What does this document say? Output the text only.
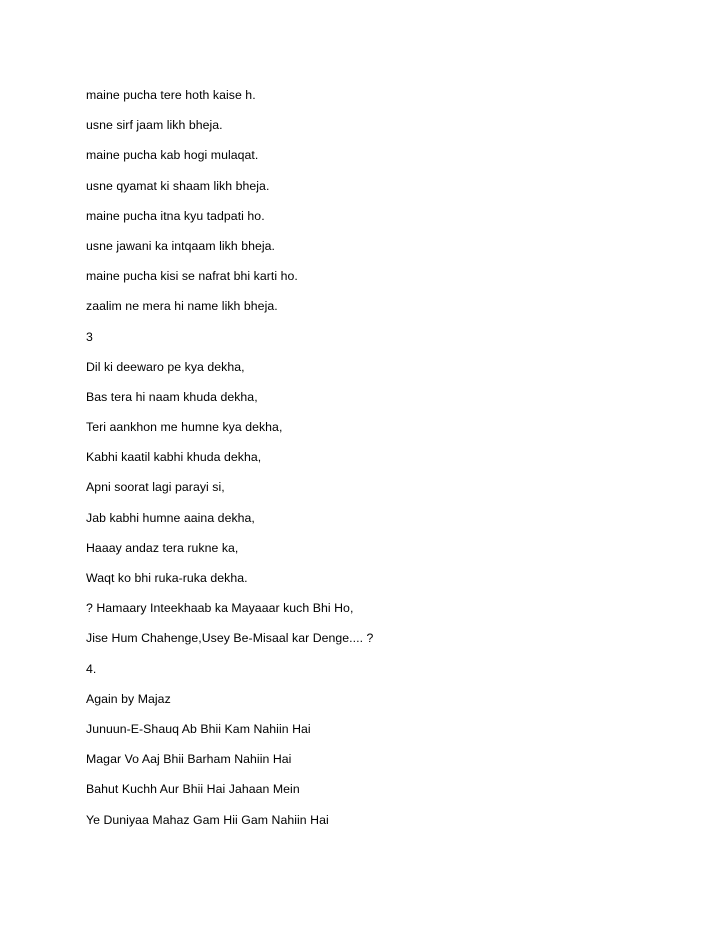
maine pucha tere hoth kaise h.
usne sirf jaam likh bheja.
maine pucha kab hogi mulaqat.
usne qyamat ki shaam likh bheja.
maine pucha itna kyu tadpati ho.
usne jawani ka intqaam likh bheja.
maine pucha kisi se nafrat bhi karti ho.
zaalim ne mera hi name likh bheja.
3
Dil ki deewaro pe kya dekha,
Bas tera hi naam khuda dekha,
Teri aankhon me humne kya dekha,
Kabhi kaatil kabhi khuda dekha,
Apni soorat lagi parayi si,
Jab kabhi humne aaina dekha,
Haaay andaz tera rukne ka,
Waqt ko bhi ruka-ruka dekha.
? Hamaary Inteekhaab ka Mayaaar kuch Bhi Ho,
Jise Hum Chahenge,Usey Be-Misaal kar Denge.... ?
4.
Again by Majaz
Junuun-E-Shauq Ab Bhii Kam Nahiin Hai
Magar Vo Aaj Bhii Barham Nahiin Hai
Bahut Kuchh Aur Bhii Hai Jahaan Mein
Ye Duniyaa Mahaz Gam Hii Gam Nahiin Hai
